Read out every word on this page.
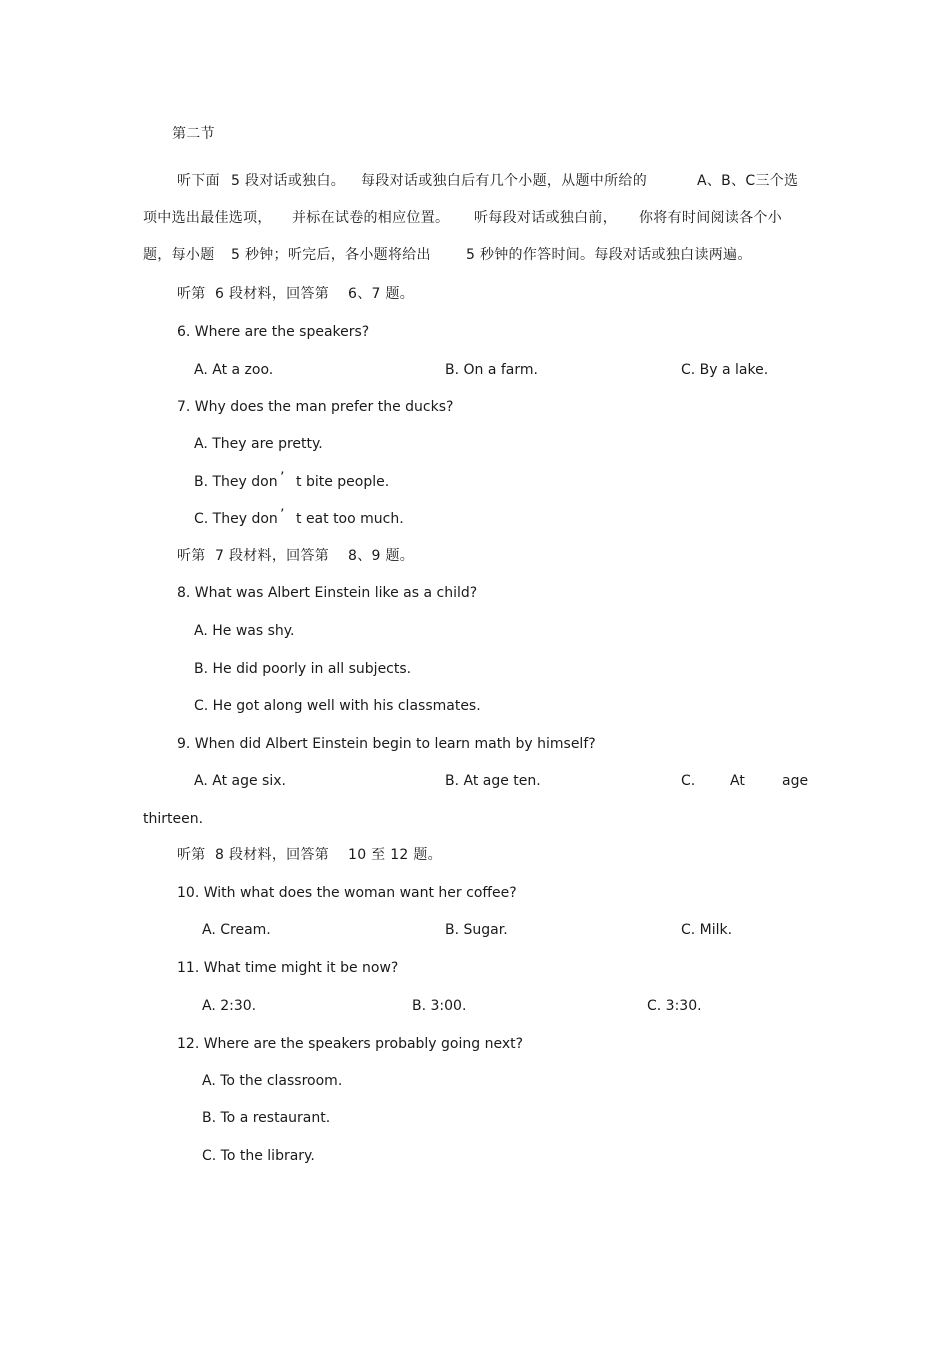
第二节
听下面 5 段对话或独白。 每段对话或独白后有几个小题，从题中所给的	A、B、C三个选
项中选出最佳选项， 并标在试卷的相应位置。 听每段对话或独白前， 你将有时间阅读各个小
题，每小题 5 秒钟；听完后，各小题将给出	5 秒钟的作答时间。每段对话或独白读两遍。
听第 6 段材料，回答第 6、7 题。
6. Where are the speakers?
A. At a zoo.	B. On a farm.	C. By a lake.
7. Why does the man prefer the ducks?
A. They are pretty.
B. They don ’ t bite people.
C. They don ’ t eat too much.
听第 7 段材料，回答第 8、9 题。
8. What was Albert Einstein like as a child?
A. He was shy.
B. He did poorly in all subjects.
C. He got along well with his classmates.
9. When did Albert Einstein begin to learn math by himself?
A. At age six.	B. At age ten.	C. At	age
thirteen.
听第 8 段材料，回答第 10 至 12 题。
10. With what does the woman want her coffee?
A. Cream.	B. Sugar.	C. Milk.
11. What time might it be now?
A. 2:30.	B. 3:00.	C. 3:30.
12. Where are the speakers probably going next?
A. To the classroom.
B. To a restaurant.
C. To the library.
